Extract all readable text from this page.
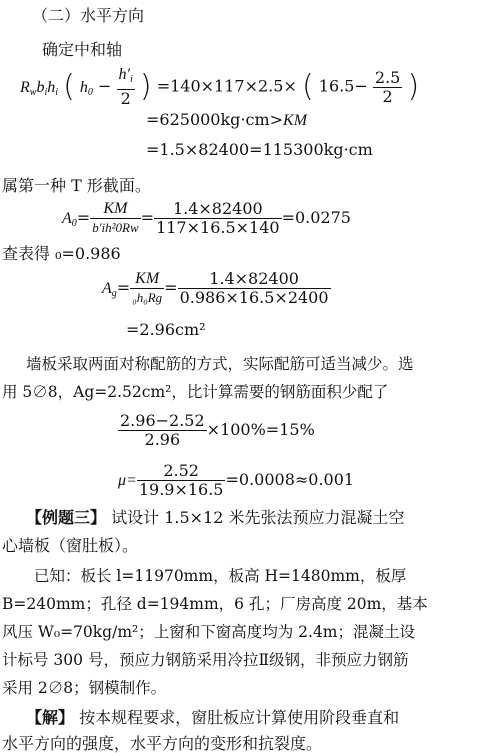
（二）水平方向
确定中和轴
$R_wb_ih_i$ ( $h_0 - \frac{h'_i}{2}$ ) =140×117×2.5× ( $16.5- \frac{2.5}{2}$ )
=625000kg·cm>KM
=1.5×82400=115300kg·cm
属第一种 T 形截面。
$A_0= \frac{KM}{\text{b′ih²0Rw}} = \frac{1.4\times 82400}{117\times 16.5\times 140} =0.0275$
查表得 ₀=0.986
$A_g= \frac{KM}{\text{₀h₀Rg}} = \frac{1.4\times 82400}{0.986\times 16.5\times 2400}$
=2.96cm²
墙板采取两面对称配筋的方式，实际配筋可适当减少。选
用 5∅8，Ag=2.52cm²，比计算需要的钢筋面积少配了
$\frac{2.96-2.52}{2.96} \times 100\%=15\%$
$\mu= \frac{2.52}{19.9\times 16.5} =0.0008\approx 0.001$
【例题三】 试设计 1.5×12 米先张法预应力混凝土空
心墙板（窗肚板）。
已知：板长 l=11970mm，板高 H=1480mm，板厚
B=240mm；孔径 d=194mm，6 孔；厂房高度 20m，基本
风压 W₀=70kg/m²；上窗和下窗高度均为 2.4m；混凝土设
计标号 300 号，预应力钢筋采用冷拉Ⅱ级钢，非预应力钢筋
采用 2∅8；钢模制作。
【解】 按本规程要求，窗肚板应计算使用阶段垂直和
水平方向的强度，水平方向的变形和抗裂度。
